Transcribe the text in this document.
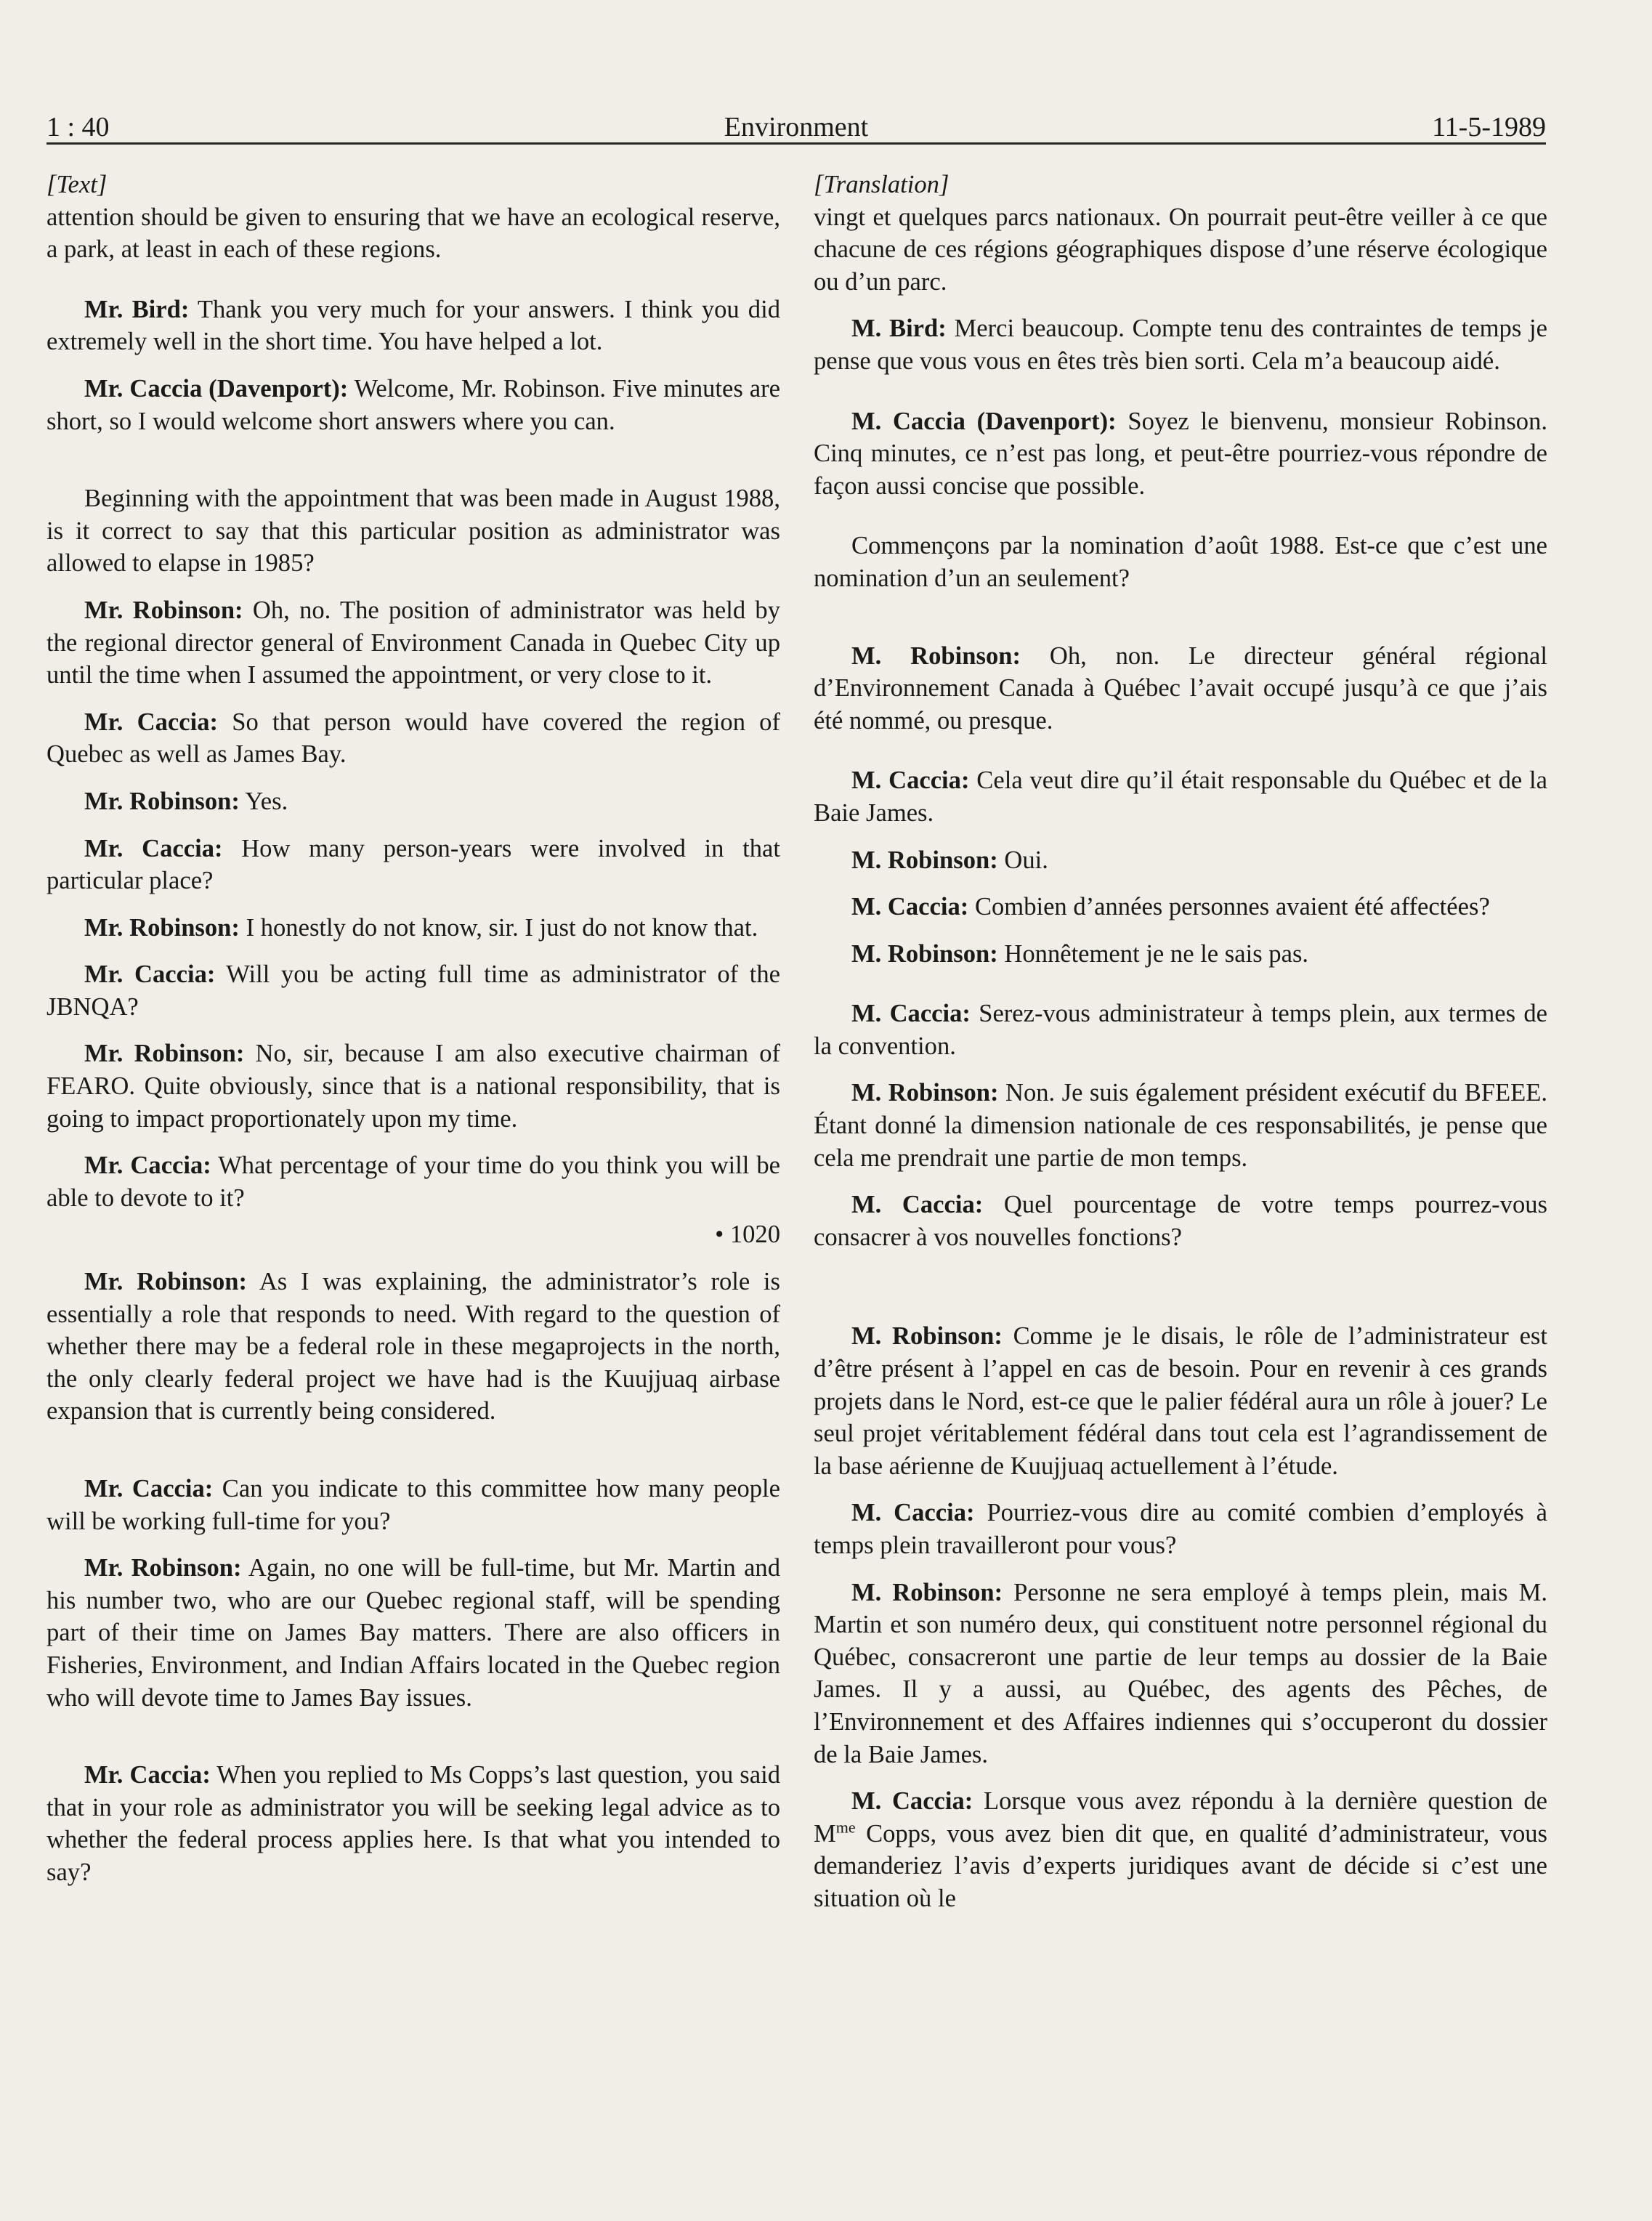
1 : 40	Environment	11-5-1989

[Text]

attention should be given to ensuring that we have an ecological reserve, a park, at least in each of these regions.

Mr. Bird: Thank you very much for your answers. I think you did extremely well in the short time. You have helped a lot.

Mr. Caccia (Davenport): Welcome, Mr. Robinson. Five minutes are short, so I would welcome short answers where you can.

Beginning with the appointment that was been made in August 1988, is it correct to say that this particular position as administrator was allowed to elapse in 1985?

Mr. Robinson: Oh, no. The position of administrator was held by the regional director general of Environment Canada in Quebec City up until the time when I assumed the appointment, or very close to it.

Mr. Caccia: So that person would have covered the region of Quebec as well as James Bay.

Mr. Robinson: Yes.

Mr. Caccia: How many person-years were involved in that particular place?

Mr. Robinson: I honestly do not know, sir. I just do not know that.

Mr. Caccia: Will you be acting full time as administrator of the JBNQA?

Mr. Robinson: No, sir, because I am also executive chairman of FEARO. Quite obviously, since that is a national responsibility, that is going to impact proportionately upon my time.

Mr. Caccia: What percentage of your time do you think you will be able to devote to it?

• 1020

Mr. Robinson: As I was explaining, the administrator’s role is essentially a role that responds to need. With regard to the question of whether there may be a federal role in these megaprojects in the north, the only clearly federal project we have had is the Kuujjuaq airbase expansion that is currently being considered.

Mr. Caccia: Can you indicate to this committee how many people will be working full-time for you?

Mr. Robinson: Again, no one will be full-time, but Mr. Martin and his number two, who are our Quebec regional staff, will be spending part of their time on James Bay matters. There are also officers in Fisheries, Environment, and Indian Affairs located in the Quebec region who will devote time to James Bay issues.

Mr. Caccia: When you replied to Ms Copps’s last question, you said that in your role as administrator you will be seeking legal advice as to whether the federal process applies here. Is that what you intended to say?

[Translation]

vingt et quelques parcs nationaux. On pourrait peut-être veiller à ce que chacune de ces régions géographiques dispose d’une réserve écologique ou d’un parc.

M. Bird: Merci beaucoup. Compte tenu des contraintes de temps je pense que vous vous en êtes très bien sorti. Cela m’a beaucoup aidé.

M. Caccia (Davenport): Soyez le bienvenu, monsieur Robinson. Cinq minutes, ce n’est pas long, et peut-être pourriez-vous répondre de façon aussi concise que possible.

Commençons par la nomination d’août 1988. Est-ce que c’est une nomination d’un an seulement?

M. Robinson: Oh, non. Le directeur général régional d’Environnement Canada à Québec l’avait occupé jusqu’à ce que j’ais été nommé, ou presque.

M. Caccia: Cela veut dire qu’il était responsable du Québec et de la Baie James.

M. Robinson: Oui.

M. Caccia: Combien d’années personnes avaient été affectées?

M. Robinson: Honnêtement je ne le sais pas.

M. Caccia: Serez-vous administrateur à temps plein, aux termes de la convention.

M. Robinson: Non. Je suis également président exécutif du BFEEE. Étant donné la dimension nationale de ces responsabilités, je pense que cela me prendrait une partie de mon temps.

M. Caccia: Quel pourcentage de votre temps pourrez-vous consacrer à vos nouvelles fonctions?

M. Robinson: Comme je le disais, le rôle de l’administrateur est d’être présent à l’appel en cas de besoin. Pour en revenir à ces grands projets dans le Nord, est-ce que le palier fédéral aura un rôle à jouer? Le seul projet véritablement fédéral dans tout cela est l’agrandissement de la base aérienne de Kuujjuaq actuellement à l’étude.

M. Caccia: Pourriez-vous dire au comité combien d’employés à temps plein travailleront pour vous?

M. Robinson: Personne ne sera employé à temps plein, mais M. Martin et son numéro deux, qui constituent notre personnel régional du Québec, consacreront une partie de leur temps au dossier de la Baie James. Il y a aussi, au Québec, des agents des Pêches, de l’Environnement et des Affaires indiennes qui s’occuperont du dossier de la Baie James.

M. Caccia: Lorsque vous avez répondu à la dernière question de $M^{me}$ Copps, vous avez bien dit que, en qualité d’administrateur, vous demanderiez l’avis d’experts juridiques avant de décide si c’est une situation où le
